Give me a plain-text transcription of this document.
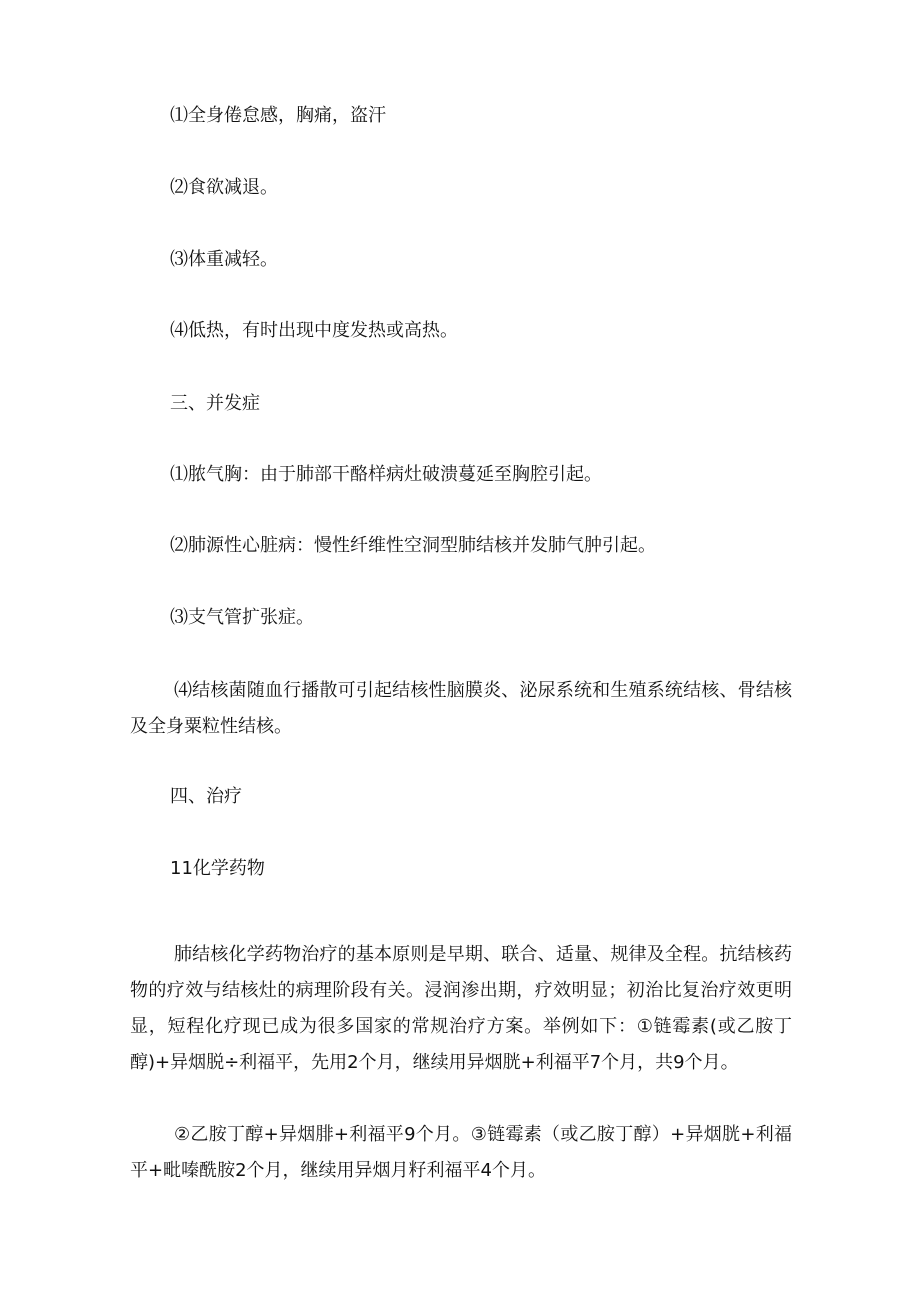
⑴全身倦怠感，胸痛，盗汗
⑵食欲减退。
⑶体重减轻。
⑷低热，有时出现中度发热或高热。
三、并发症
⑴脓气胸：由于肺部干酪样病灶破溃蔓延至胸腔引起。
⑵肺源性心脏病：慢性纤维性空洞型肺结核并发肺气肿引起。
⑶支气管扩张症。
⑷结核菌随血行播散可引起结核性脑膜炎、泌尿系统和生殖系统结核、骨结核及全身粟粒性结核。
四、治疗
11化学药物
肺结核化学药物治疗的基本原则是早期、联合、适量、规律及全程。抗结核药物的疗效与结核灶的病理阶段有关。浸润渗出期，疗效明显；初治比复治疗效更明显，短程化疗现已成为很多国家的常规治疗方案。举例如下：①链霉素(或乙胺丁醇)+异烟脱÷利福平，先用2个月，继续用异烟胱+利福平7个月，共9个月。
②乙胺丁醇+异烟腓+利福平9个月。③链霉素（或乙胺丁醇）+异烟胱+利福平+毗嗪酰胺2个月，继续用异烟月籽利福平4个月。
